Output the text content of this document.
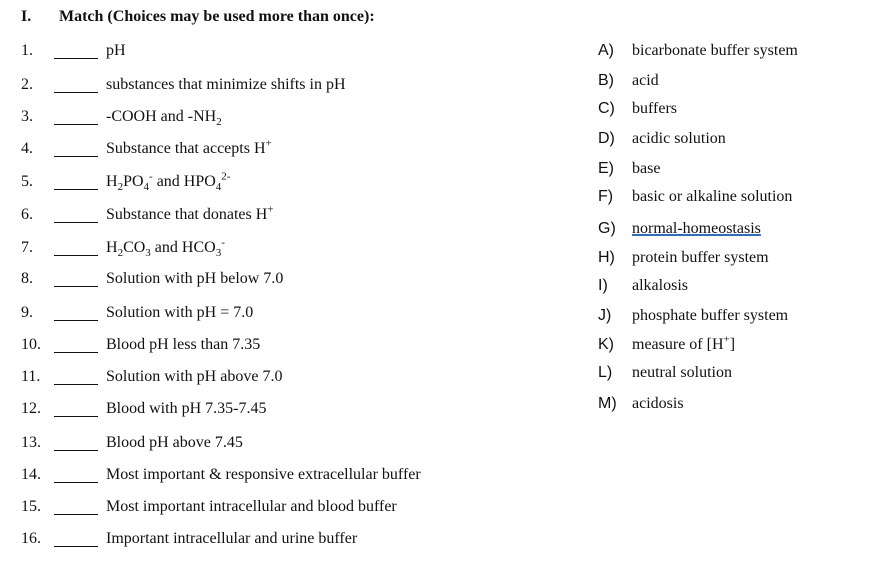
I.	Match (Choices may be used more than once):
1.	pH
2.	substances that minimize shifts in pH
3.	-COOH and $-NH_2$
4.	Substance that accepts H+
5.	$H_2PO_4^-$ and $HPO_4^{2-}$
6.	Substance that donates H+
7.	$H_2CO_3$ and $HCO_3^-$
8.	Solution with pH below 7.0
9.	Solution with pH = 7.0
10.	Blood pH less than 7.35
11.	Solution with pH above 7.0
12.	Blood with pH 7.35-7.45
13.	Blood pH above 7.45
14.	Most important & responsive extracellular buffer
15.	Most important intracellular and blood buffer
16.	Important intracellular and urine buffer
A)	bicarbonate buffer system
B)	acid
C)	buffers
D)	acidic solution
E)	base
F)	basic or alkaline solution
G)	normal-homeostasis
H)	protein buffer system
I)	alkalosis
J)	phosphate buffer system
K)	measure of [H+]
L)	neutral solution
M) acidosis
